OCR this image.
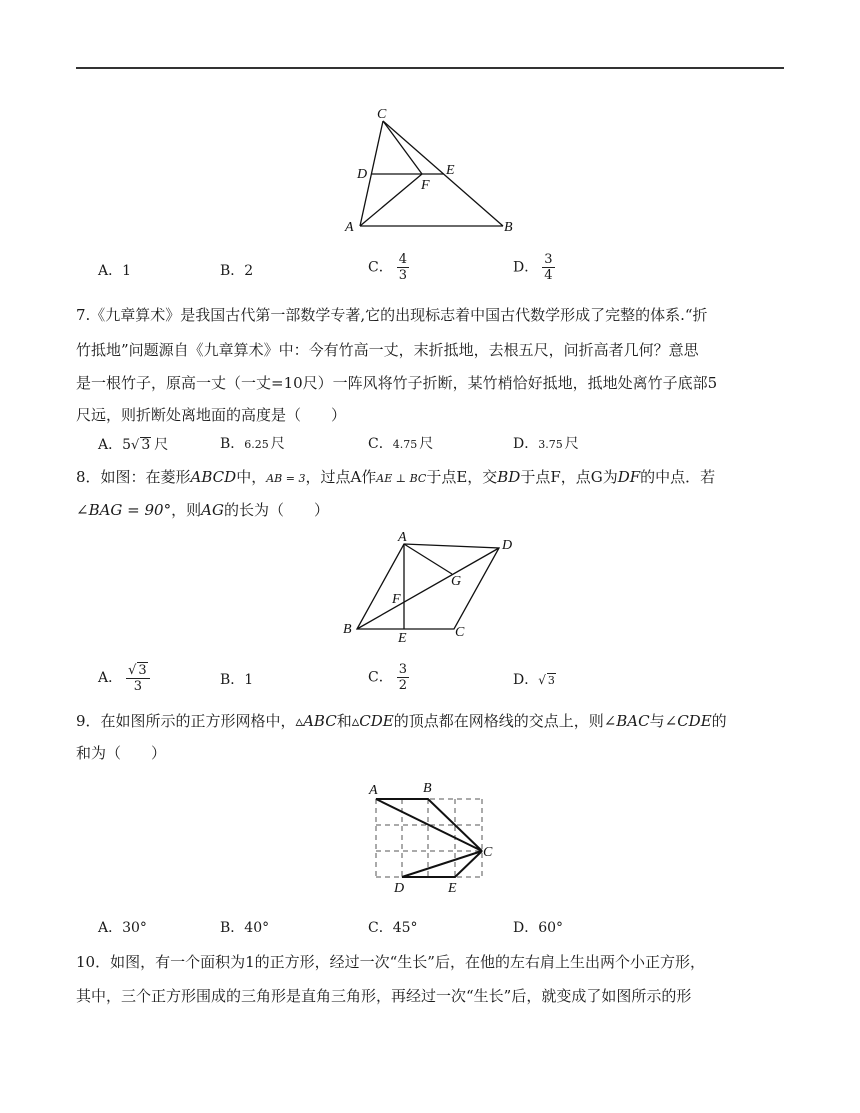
C
D	E
F
A	B
A．1	B．2	C． $\frac{4}{3}$	D． $\frac{3}{4}$
7.《九章算术》是我国古代第一部数学专著,它的出现标志着中国古代数学形成了完整的体系.“折
竹抵地”问题源自《九章算术》中：今有竹高一丈，末折抵地，去根五尺，问折高者几何？意思
是一根竹子，原高一丈（一丈=10尺）一阵风将竹子折断，某竹梢恰好抵地，抵地处离竹子底部5
尺远，则折断处离地面的高度是（　　）
A．5√ 3 尺	B．6.25 尺	C．4.75 尺	D．3.75 尺
8．如图：在菱形ABCD中，AB = 3，过点A作AE ⊥ BC于点E，交BD于点F，点G为DF的中点．若
∠BAG = 90°，则AG的长为（　　）
A
D
G
F
B
E	C
A． $\frac{√ 3}{3}$	B．1	C． $\frac{3}{2}$	D．√ 3
9．在如图所示的正方形网格中，▵ABC和▵CDE的顶点都在网格线的交点上，则∠BAC与∠CDE的
和为（　　）
A	B
C
D	E
A．30°	B．40°	C．45°	D．60°
10．如图，有一个面积为1的正方形，经过一次“生长”后，在他的左右肩上生出两个小正方形，
其中，三个正方形围成的三角形是直角三角形，再经过一次“生长”后，就变成了如图所示的形
